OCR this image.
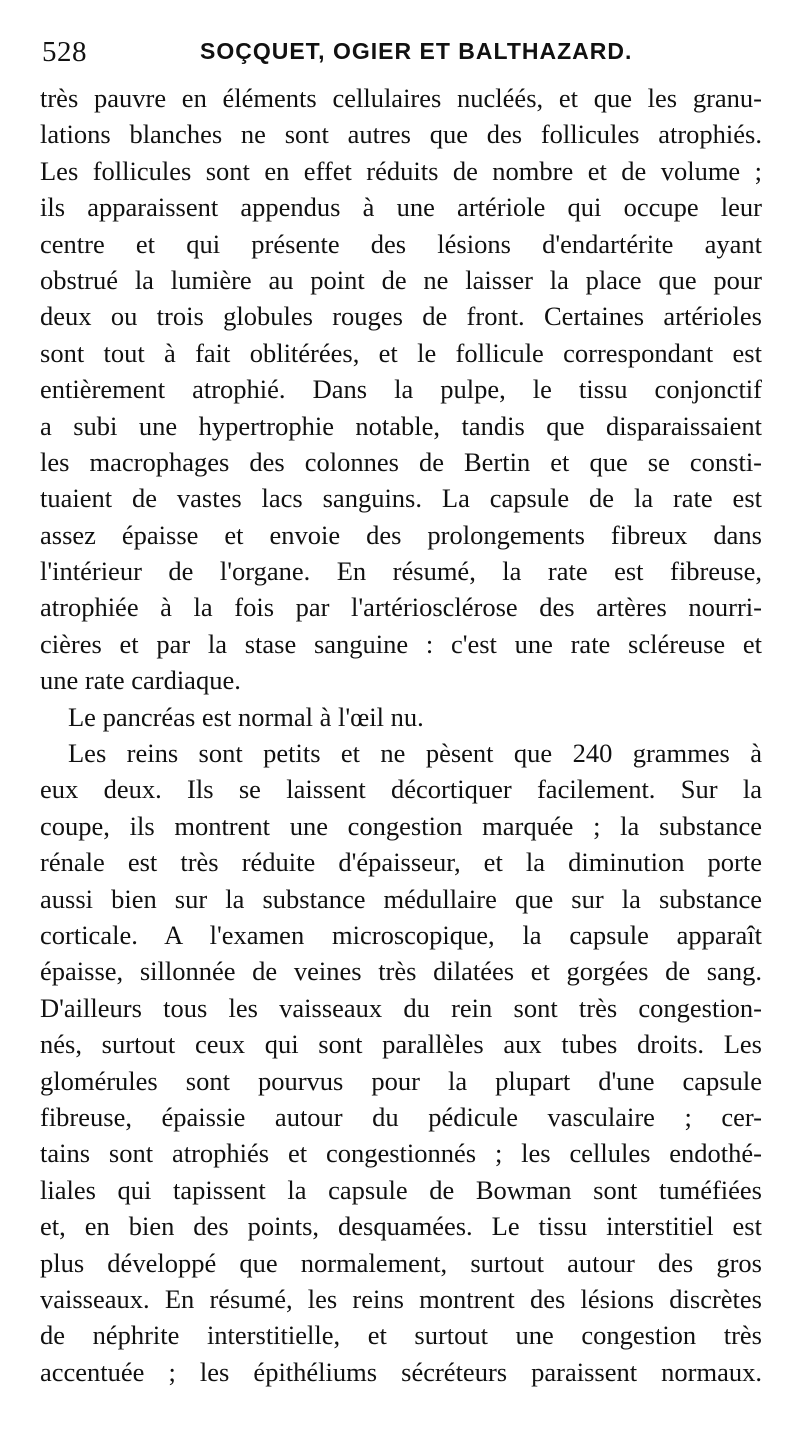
528	SOÇQUET, OGIER ET BALTHAZARD.
très pauvre en éléments cellulaires nucléés, et que les granu-
lations blanches ne sont autres que des follicules atrophiés.
Les follicules sont en effet réduits de nombre et de volume ;
ils apparaissent appendus à une artériole qui occupe leur
centre et qui présente des lésions d'endartérite ayant
obstrué la lumière au point de ne laisser la place que pour
deux ou trois globules rouges de front. Certaines artérioles
sont tout à fait oblitérées, et le follicule correspondant est
entièrement atrophié. Dans la pulpe, le tissu conjonctif
a subi une hypertrophie notable, tandis que disparaissaient
les macrophages des colonnes de Bertin et que se consti-
tuaient de vastes lacs sanguins. La capsule de la rate est
assez épaisse et envoie des prolongements fibreux dans
l'intérieur de l'organe. En résumé, la rate est fibreuse,
atrophiée à la fois par l'artériosclérose des artères nourri-
cières et par la stase sanguine : c'est une rate scléreuse et
une rate cardiaque.
Le pancréas est normal à l'œil nu.
Les reins sont petits et ne pèsent que 240 grammes à
eux deux. Ils se laissent décortiquer facilement. Sur la
coupe, ils montrent une congestion marquée ; la substance
rénale est très réduite d'épaisseur, et la diminution porte
aussi bien sur la substance médullaire que sur la substance
corticale. A l'examen microscopique, la capsule apparaît
épaisse, sillonnée de veines très dilatées et gorgées de sang.
D'ailleurs tous les vaisseaux du rein sont très congestion-
nés, surtout ceux qui sont parallèles aux tubes droits. Les
glomérules sont pourvus pour la plupart d'une capsule
fibreuse, épaissie autour du pédicule vasculaire ; cer-
tains sont atrophiés et congestionnés ; les cellules endothé-
liales qui tapissent la capsule de Bowman sont tuméfiées
et, en bien des points, desquamées. Le tissu interstitiel est
plus développé que normalement, surtout autour des gros
vaisseaux. En résumé, les reins montrent des lésions discrètes
de néphrite interstitielle, et surtout une congestion très
accentuée ; les épithéliums sécréteurs paraissent normaux.
